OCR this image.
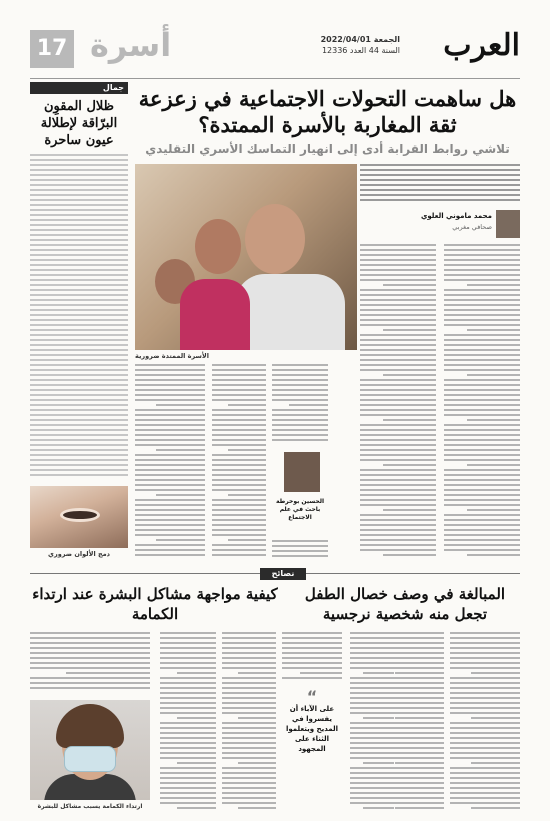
العرب
الجمعة 2022/04/01
السنة 44 العدد 12336
أسرة
17
جمال
ظلال المقوِن البرّاقة لإطلالة عيون ساحرة
دمج الألوان ضروري
هل ساهمت التحولات الاجتماعية في زعزعة ثقة المغاربة بالأسرة الممتدة؟
تلاشي روابط القرابة أدى إلى انهيار التماسك الأسري التقليدي
الأسرة الممتدة ضرورية
محمد ماموني العلوي
صحافي مغربي
الحسين بوخرطة باحث في علم الاجتماع
نصائح
المبالغة في وصف خصال الطفل تجعل منه شخصية نرجسية
كيفية مواجهة مشاكل البشرة عند ارتداء الكمامة
“
على الآباء أن يفسروا في المديح ويتعلموا الثناء على المجهود
ارتداء الكمامة يسبب مشاكل للبشرة
